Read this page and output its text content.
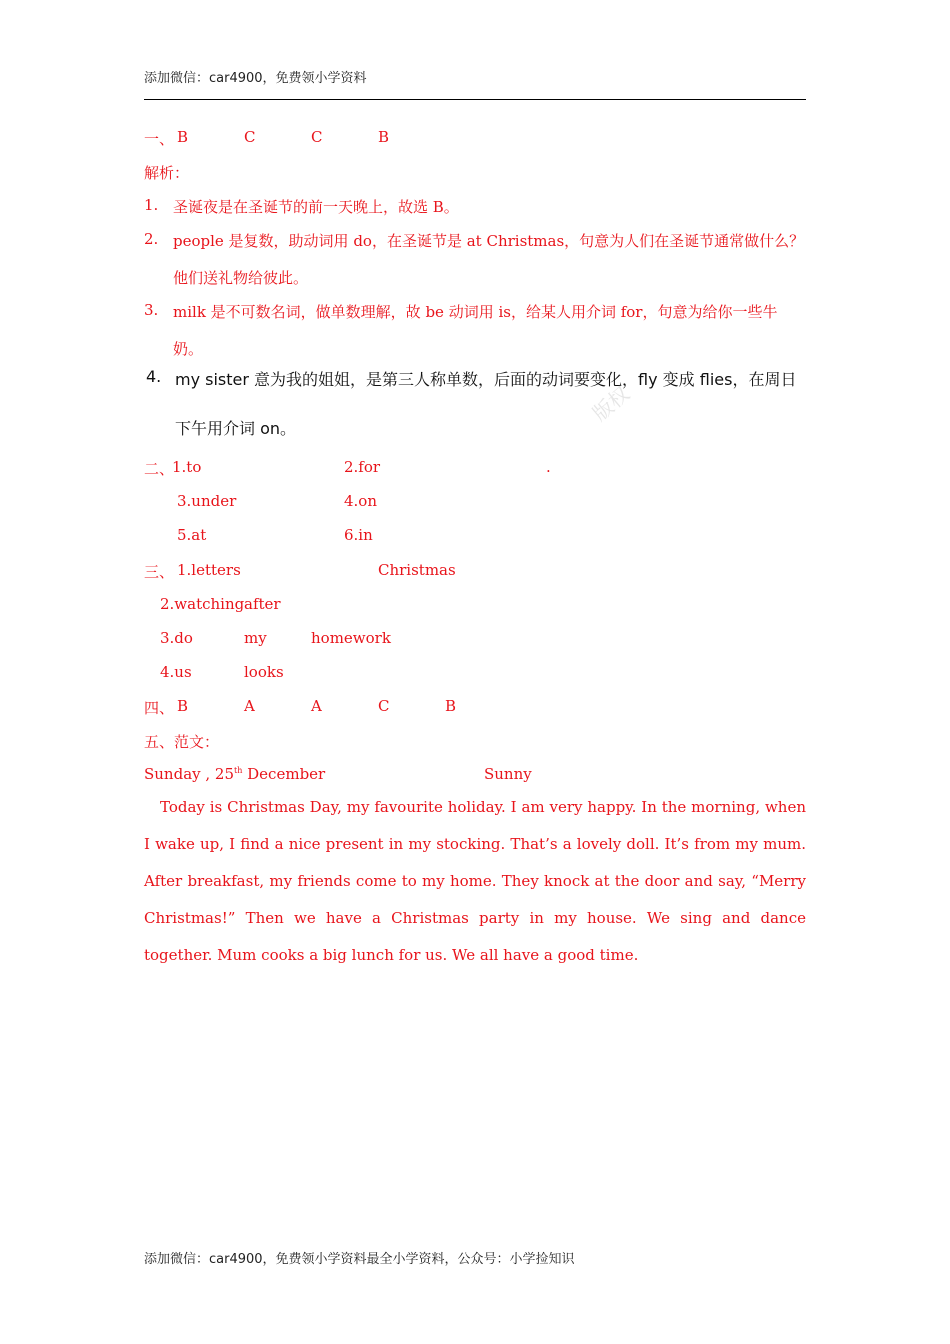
添加微信：car4900，免费领小学资料
一、 B	C	C	B
解析：
1. 圣诞夜是在圣诞节的前一天晚上，故选 B。
2. people 是复数，助动词用 do，在圣诞节是 at Christmas，句意为人们在圣诞节通常做什么？
他们送礼物给彼此。
3. milk 是不可数名词，做单数理解，故 be 动词用 is，给某人用介词 for，句意为给你一些牛
奶。
4. my sister 意为我的姐姐，是第三人称单数，后面的动词要变化，fly 变成 flies，在周日
下午用介词 on。
版权
二、
1.to	2.for	.
3.under	4.on
5.at	6.in
三、 1.letters	Christmas
2.watching after
3.do	my	homework
4.us	looks
四、 B	A	A	C	B
五、范文：
Sunday , 25th December	Sunny
Today is Christmas Day, my favourite holiday. I am very happy. In the morning, when I wake up, I find a nice present in my stocking. That’s a lovely doll. It’s from my mum. After breakfast, my friends come to my home. They knock at the door and say, “Merry Christmas!” Then we have a Christmas party in my house. We sing and dance together. Mum cooks a big lunch for us. We all have a good time.
添加微信：car4900，免费领小学资料最全小学资料，公众号：小学捡知识
